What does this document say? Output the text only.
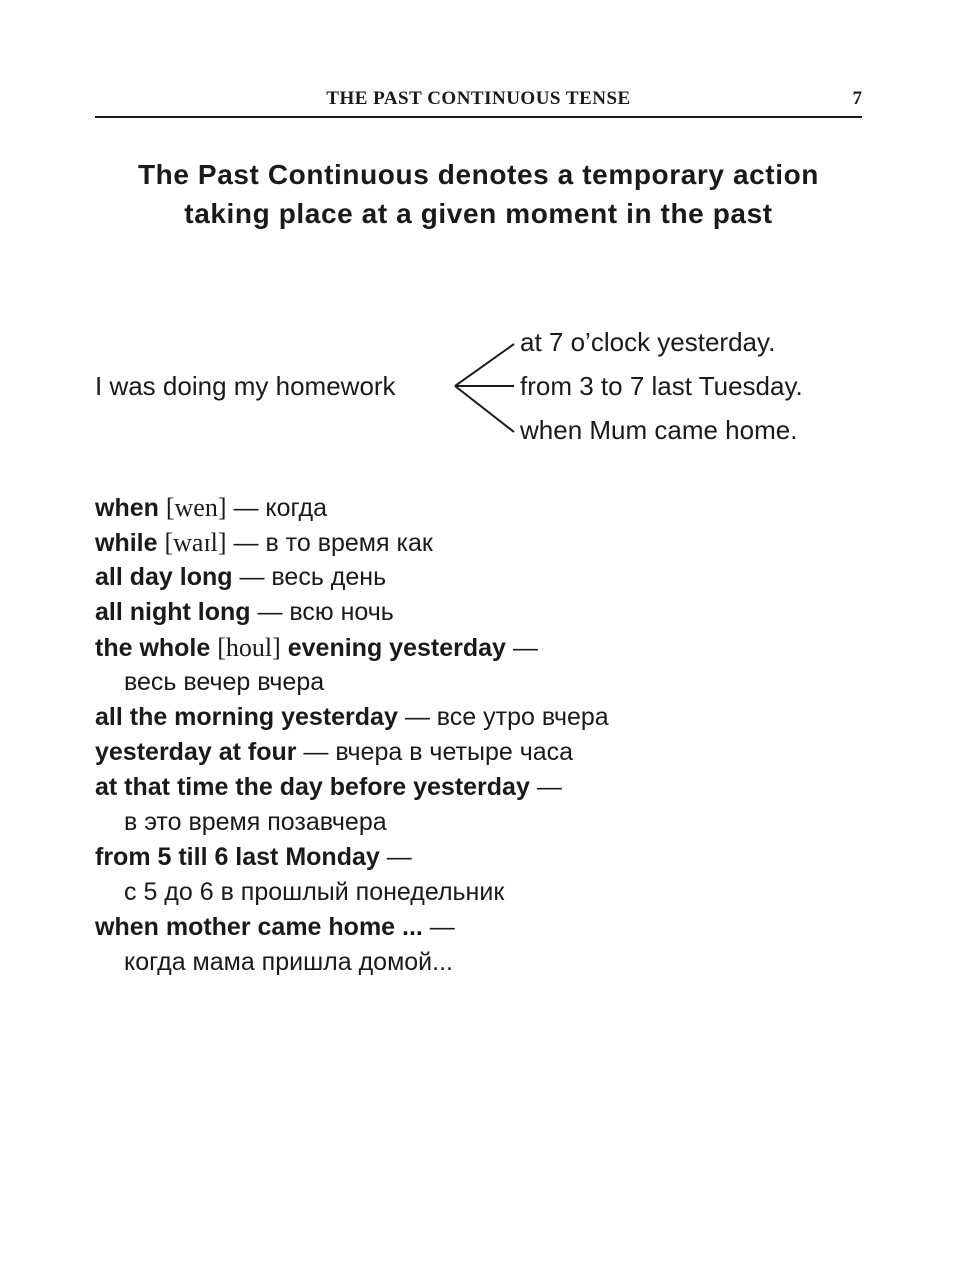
THE PAST CONTINUOUS TENSE	7
The Past Continuous denotes a temporary action
taking place at a given moment in the past
I was doing my homework
at 7 o’clock yesterday.
from 3 to 7 last Tuesday.
when Mum came home.
when [wen] — когда
while [waɪl] — в то время как
all day long — весь день
all night long — всю ночь
the whole [houl] evening yesterday —
весь вечер вчера
all the morning yesterday — все утро вчера
yesterday at four — вчера в четыре часа
at that time the day before yesterday —
в это время позавчера
from 5 till 6 last Monday —
с 5 до 6 в прошлый понедельник
when mother came home ... —
когда мама пришла домой...
